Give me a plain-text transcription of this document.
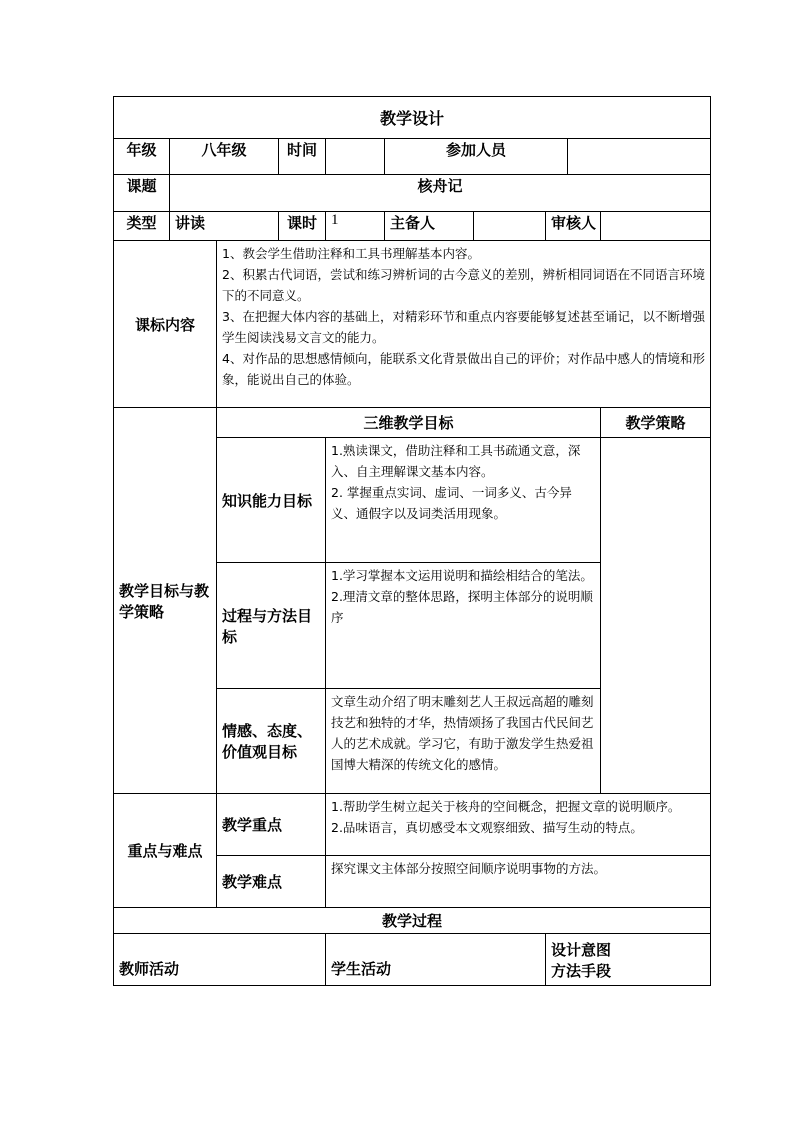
教学设计									
年级	八年级		时间		参加人员				
课题	核舟记								
类型	讲读		课时	1	主备人		审核人		
课标内容		1、教会学生借助注释和工具书理解基本内容。
2、积累古代词语，尝试和练习辨析词的古今意义的差别，辨析相同词语在不同语言环境下的不同意义。
3、在把握大体内容的基础上，对精彩环节和重点内容要能够复述甚至诵记，以不断增强学生阅读浅易文言文的能力。
4、对作品的思想感情倾向，能联系文化背景做出自己的评价；对作品中感人的情境和形象，能说出自己的体验。							

教学目标与教学策略		三维教学目标							教学策略
		知识能力目标		1.熟读课文，借助注释和工具书疏通文意，深入、自主理解课文基本内容。
2. 掌握重点实词、虚词、一词多义、古今异义、通假字以及词类活用现象。					

		过程与方法目标		1.学习掌握本文运用说明和描绘相结合的笔法。
2.理清文章的整体思路，探明主体部分的说明顺序					

		情感、态度、价值观目标		文章生动介绍了明末雕刻艺人王叔远高超的雕刻技艺和独特的才华，热情颂扬了我国古代民间艺人的艺术成就。学习它，有助于激发学生热爱祖国博大精深的传统文化的感情。					

重点与难点		教学重点		1.帮助学生树立起关于核舟的空间概念，把握文章的说明顺序。
2.品味语言，真切感受本文观察细致、描写生动的特点。					

		教学难点		探究课文主体部分按照空间顺序说明事物的方法。					
教学过程									
教师活动				学生活动			设计意图
方法手段		
